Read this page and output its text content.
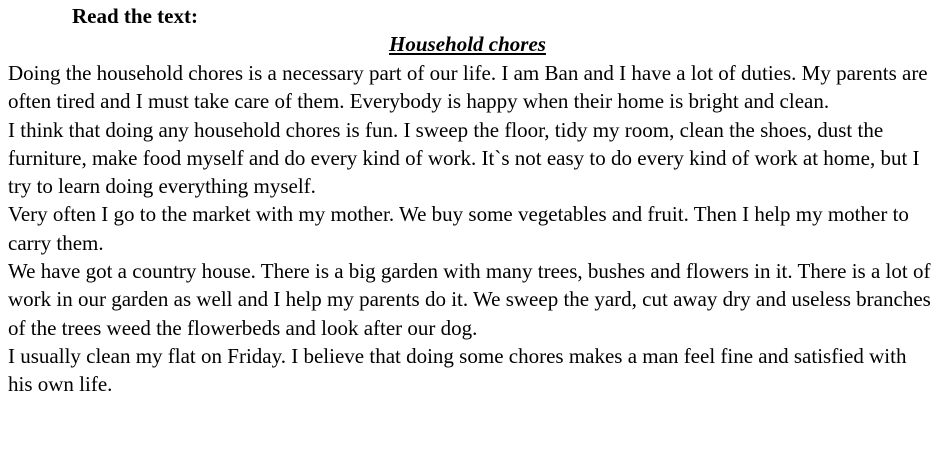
Read the text:

Household chores

Doing the household chores is a necessary part of our life. I am Ban and I have a lot of duties. My parents are often tired and I must take care of them. Everybody is happy when their home is bright and clean.

I think that doing any household chores is fun. I sweep the floor, tidy my room, clean the shoes, dust the furniture, make food myself and do every kind of work. It`s not easy to do every kind of work at home, but I try to learn doing everything myself.

Very often I go to the market with my mother. We buy some vegetables and fruit. Then I help my mother to carry them.

We have got a country house. There is a big garden with many trees, bushes and flowers in it. There is a lot of work in our garden as well and I help my parents do it. We sweep the yard, cut away dry and useless branches of the trees weed the flowerbeds and look after our dog.

I usually clean my flat on Friday. I believe that doing some chores makes a man feel fine and satisfied with his own life.
